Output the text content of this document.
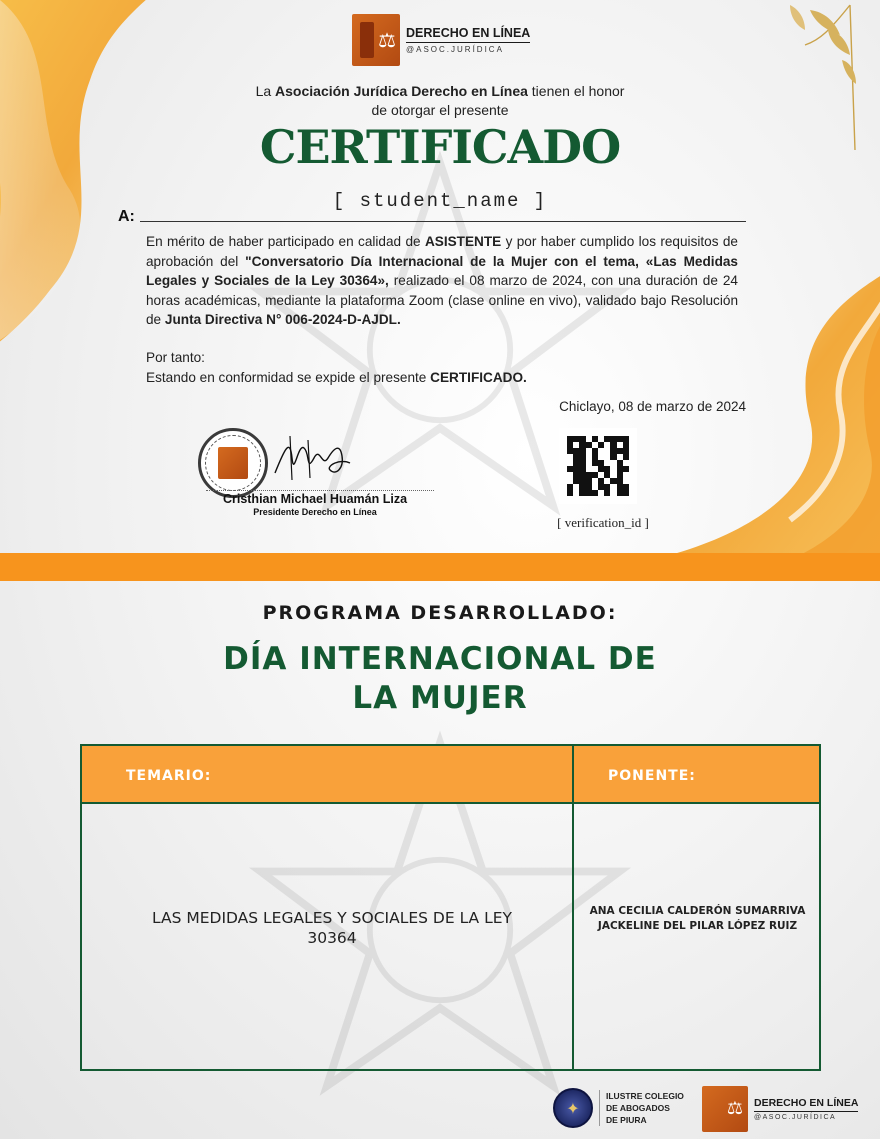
⚖
DERECHO EN LÍNEA
@ASOC.JURÍDICA
La Asociación Jurídica Derecho en Línea tienen el honor
de otorgar el presente
CERTIFICADO
[ student_name ]
A:
En mérito de haber participado en calidad de ASISTENTE y por haber cumplido los requisitos de aprobación del "Conversatorio Día Internacional de la Mujer con el tema, «Las Medidas Legales y Sociales de la Ley 30364», realizado el 08 marzo de 2024, con una duración de 24 horas académicas, mediante la plataforma Zoom (clase online en vivo), validado bajo Resolución de Junta Directiva N° 006-2024-D-AJDL.
Por tanto:
Estando en conformidad se expide el presente CERTIFICADO.
Chiclayo, 08 de marzo de 2024
Cristhian Michael Huamán Liza
Presidente Derecho en Línea
[ verification_id ]
PROGRAMA DESARROLLADO:
DÍA INTERNACIONAL DE
LA MUJER
TEMARIO:	PONENTE:
LAS MEDIDAS LEGALES Y SOCIALES DE LA LEY 30364
ANA CECILIA CALDERÓN SUMARRIVA
JACKELINE DEL PILAR LÓPEZ RUIZ
✦
ILUSTRE COLEGIO
DE ABOGADOS
DE PIURA
⚖
DERECHO EN LÍNEA
@ASOC.JURÍDICA
